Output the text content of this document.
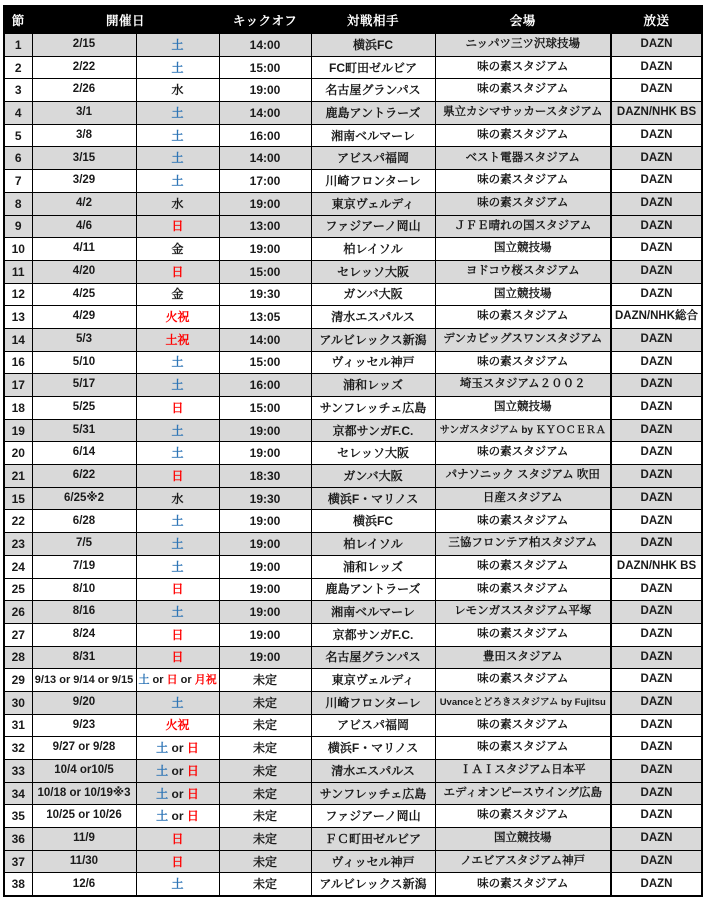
節	開催日		キックオフ	対戦相手	会場	放送
1	2/15	土	14:00	横浜FC	ニッパツ三ツ沢球技場	DAZN
2	2/22	土	15:00	FC町田ゼルビア	味の素スタジアム	DAZN
3	2/26	水	19:00	名古屋グランパス	味の素スタジアム	DAZN
4	3/1	土	14:00	鹿島アントラーズ	県立カシマサッカースタジアム	DAZN/NHK BS
5	3/8	土	16:00	湘南ベルマーレ	味の素スタジアム	DAZN
6	3/15	土	14:00	アビスパ福岡	ベスト電器スタジアム	DAZN
7	3/29	土	17:00	川崎フロンターレ	味の素スタジアム	DAZN
8	4/2	水	19:00	東京ヴェルディ	味の素スタジアム	DAZN
9	4/6	日	13:00	ファジアーノ岡山	ＪＦＥ晴れの国スタジアム	DAZN
10	4/11	金	19:00	柏レイソル	国立競技場	DAZN
11	4/20	日	15:00	セレッソ大阪	ヨドコウ桜スタジアム	DAZN
12	4/25	金	19:30	ガンバ大阪	国立競技場	DAZN
13	4/29	火祝	13:05	清水エスパルス	味の素スタジアム	DAZN/NHK総合
14	5/3	土祝	14:00	アルビレックス新潟	デンカビッグスワンスタジアム	DAZN
16	5/10	土	15:00	ヴィッセル神戸	味の素スタジアム	DAZN
17	5/17	土	16:00	浦和レッズ	埼玉スタジアム２００２	DAZN
18	5/25	日	15:00	サンフレッチェ広島	国立競技場	DAZN
19	5/31	土	19:00	京都サンガF.C.	サンガスタジアム by ＫＹＯＣＥＲＡ	DAZN
20	6/14	土	19:00	セレッソ大阪	味の素スタジアム	DAZN
21	6/22	日	18:30	ガンバ大阪	パナソニック スタジアム 吹田	DAZN
15	6/25※2	水	19:30	横浜F・マリノス	日産スタジアム	DAZN
22	6/28	土	19:00	横浜FC	味の素スタジアム	DAZN
23	7/5	土	19:00	柏レイソル	三協フロンテア柏スタジアム	DAZN
24	7/19	土	19:00	浦和レッズ	味の素スタジアム	DAZN/NHK BS
25	8/10	日	19:00	鹿島アントラーズ	味の素スタジアム	DAZN
26	8/16	土	19:00	湘南ベルマーレ	レモンガススタジアム平塚	DAZN
27	8/24	日	19:00	京都サンガF.C.	味の素スタジアム	DAZN
28	8/31	日	19:00	名古屋グランパス	豊田スタジアム	DAZN
29	9/13 or 9/14 or 9/15	土 or 日 or 月祝	未定	東京ヴェルディ	味の素スタジアム	DAZN
30	9/20	土	未定	川崎フロンターレ	Uvanceとどろきスタジアム by Fujitsu	DAZN
31	9/23	火祝	未定	アビスパ福岡	味の素スタジアム	DAZN
32	9/27 or 9/28	土 or 日	未定	横浜F・マリノス	味の素スタジアム	DAZN
33	10/4 or10/5	土 or 日	未定	清水エスパルス	ＩＡＩスタジアム日本平	DAZN
34	10/18 or 10/19※3	土 or 日	未定	サンフレッチェ広島	エディオンピースウイング広島	DAZN
35	10/25 or 10/26	土 or 日	未定	ファジアーノ岡山	味の素スタジアム	DAZN
36	11/9	日	未定	ＦＣ町田ゼルビア	国立競技場	DAZN
37	11/30	日	未定	ヴィッセル神戸	ノエビアスタジアム神戸	DAZN
38	12/6	土	未定	アルビレックス新潟	味の素スタジアム	DAZN
